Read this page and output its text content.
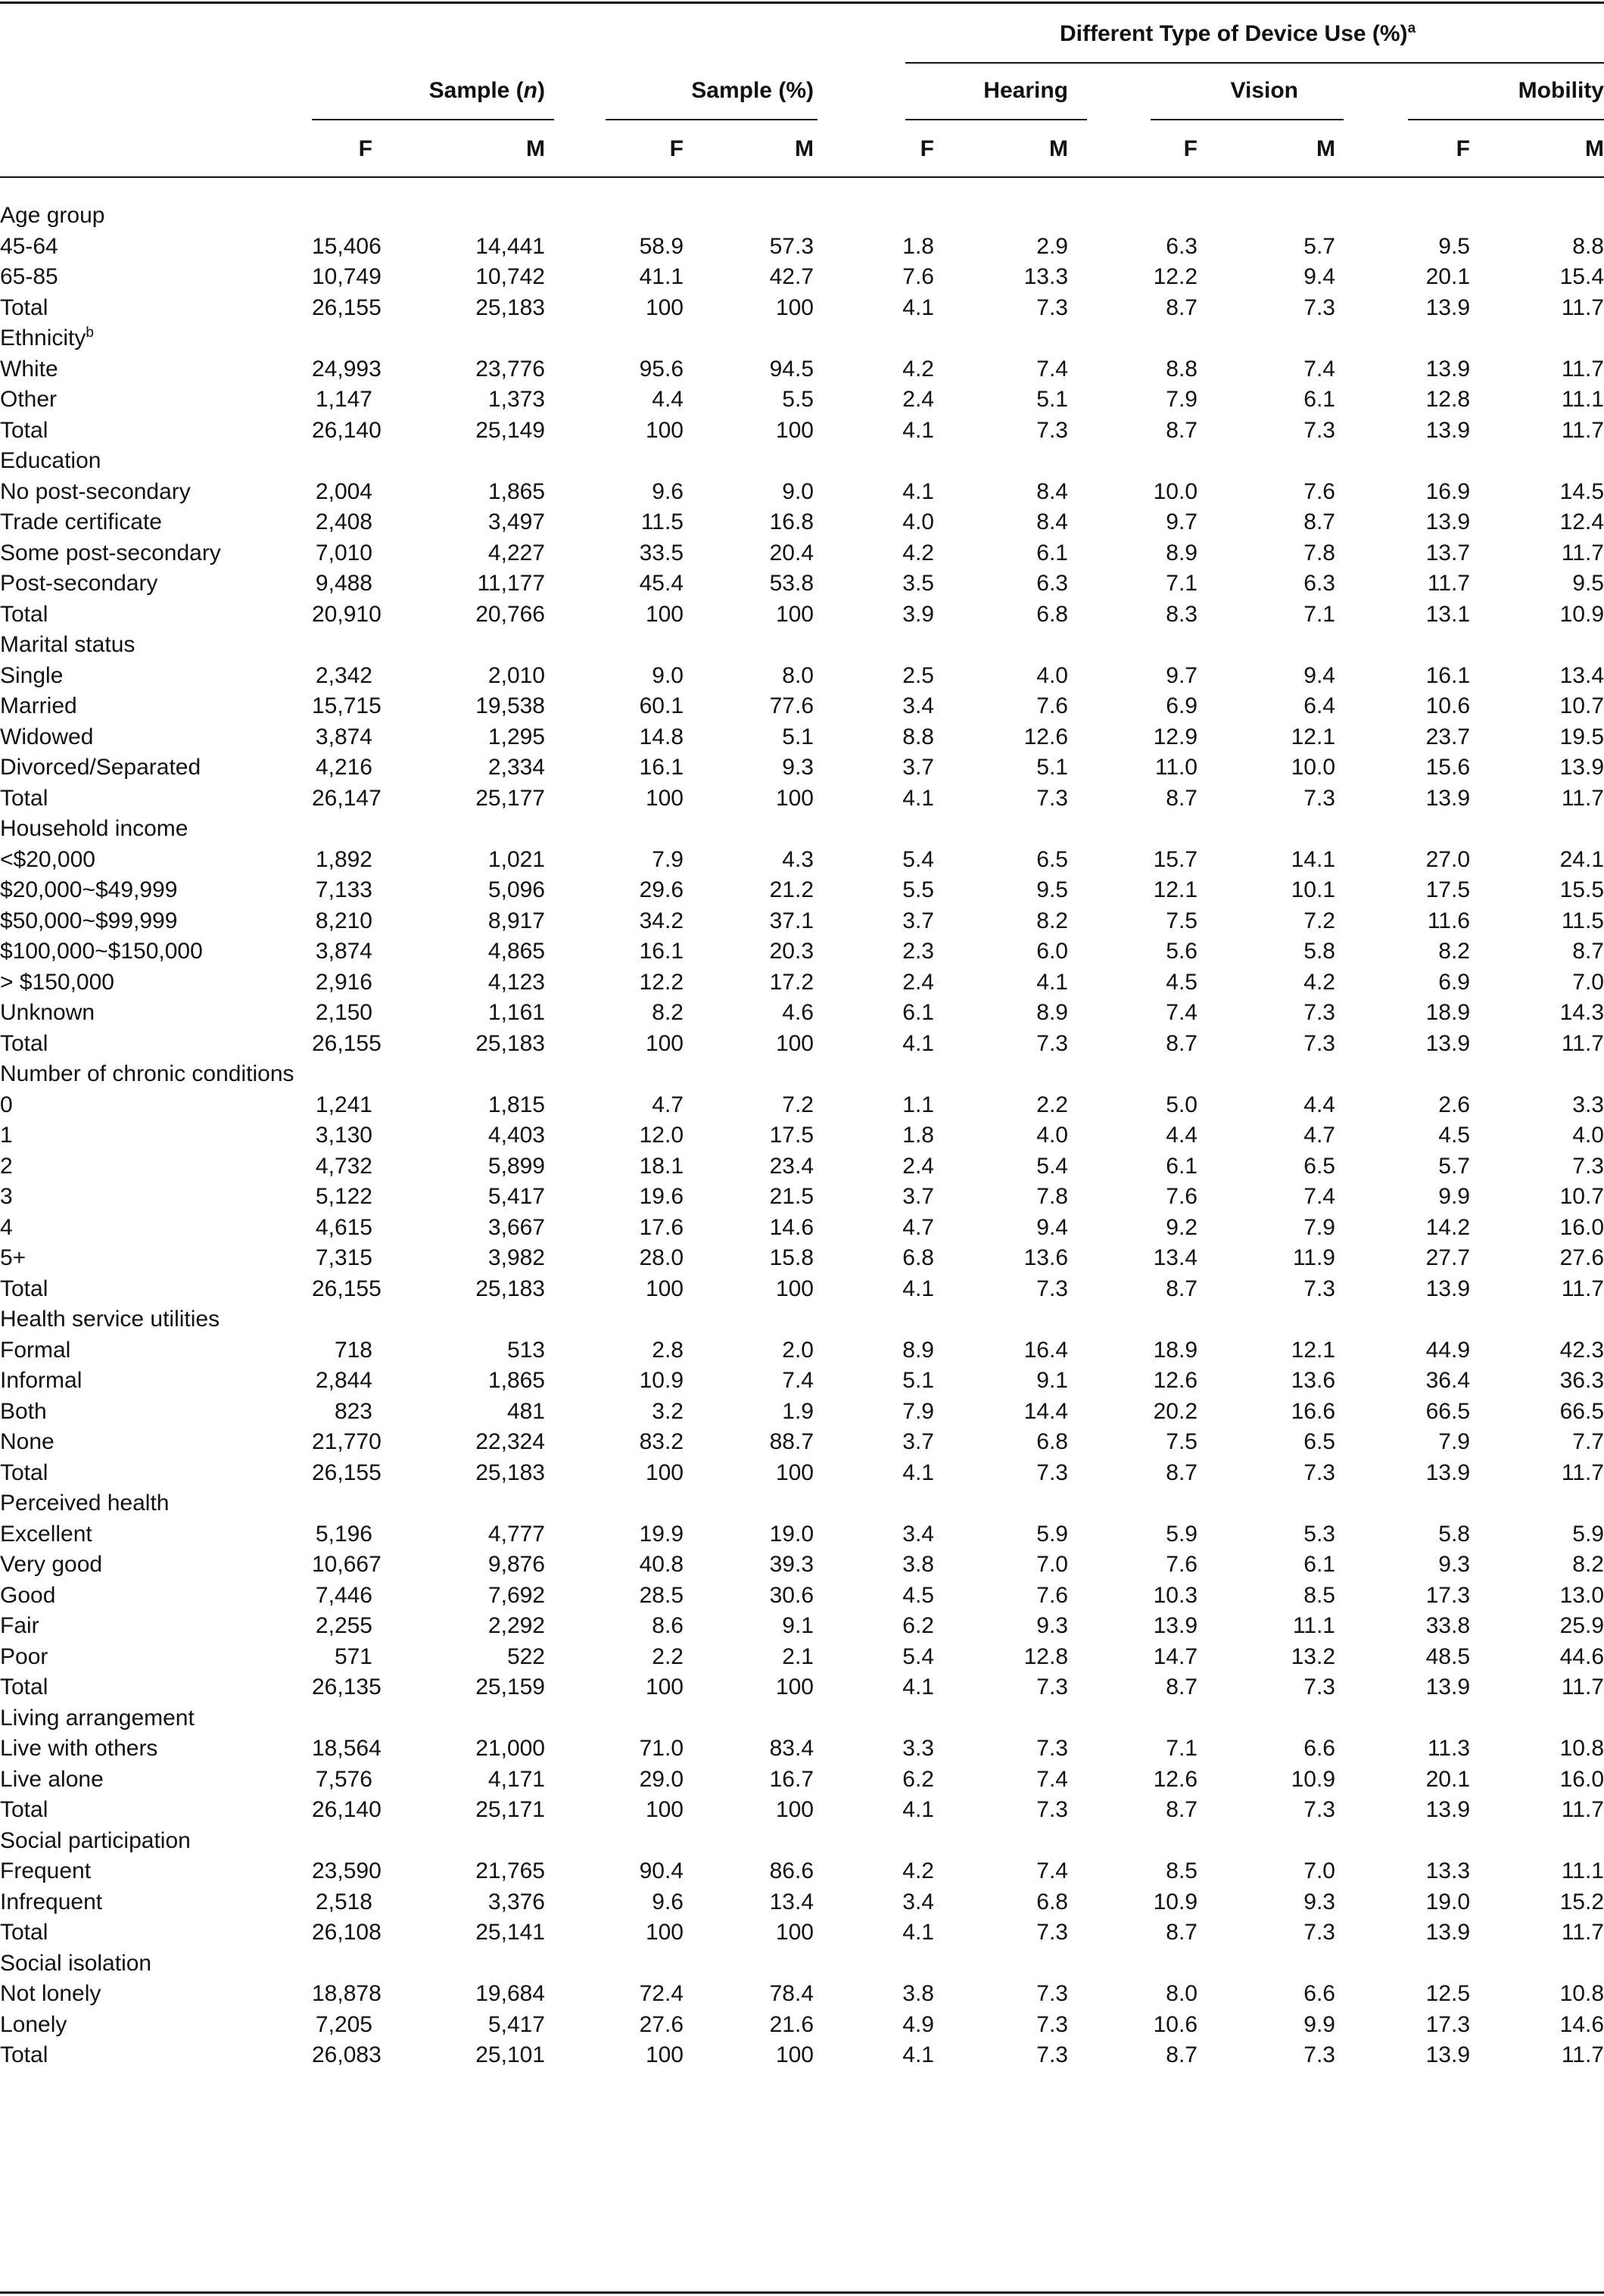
Different Type of Device Use (%)$^a$
Sample (n)	Sample (%)	Hearing	Vision	Mobility
F	M	F	M	F	M	F	M	F	M

Age group										
45-64	15,406	14,441	58.9	57.3	1.8	2.9	6.3	5.7	9.5	8.8
65-85	10,749	10,742	41.1	42.7	7.6	13.3	12.2	9.4	20.1	15.4
Total	26,155	25,183	100	100	4.1	7.3	8.7	7.3	13.9	11.7
Ethnicity$^b$
White	24,993	23,776	95.6	94.5	4.2	7.4	8.8	7.4	13.9	11.7
Other	1,147	1,373	4.4	5.5	2.4	5.1	7.9	6.1	12.8	11.1
Total	26,140	25,149	100	100	4.1	7.3	8.7	7.3	13.9	11.7
Education										
No post-secondary	2,004	1,865	9.6	9.0	4.1	8.4	10.0	7.6	16.9	14.5
Trade certificate	2,408	3,497	11.5	16.8	4.0	8.4	9.7	8.7	13.9	12.4
Some post-secondary	7,010	4,227	33.5	20.4	4.2	6.1	8.9	7.8	13.7	11.7
Post-secondary	9,488	11,177	45.4	53.8	3.5	6.3	7.1	6.3	11.7	9.5
Total	20,910	20,766	100	100	3.9	6.8	8.3	7.1	13.1	10.9
Marital status										
Single	2,342	2,010	9.0	8.0	2.5	4.0	9.7	9.4	16.1	13.4
Married	15,715	19,538	60.1	77.6	3.4	7.6	6.9	6.4	10.6	10.7
Widowed	3,874	1,295	14.8	5.1	8.8	12.6	12.9	12.1	23.7	19.5
Divorced/Separated	4,216	2,334	16.1	9.3	3.7	5.1	11.0	10.0	15.6	13.9
Total	26,147	25,177	100	100	4.1	7.3	8.7	7.3	13.9	11.7
Household income										
<$20,000	1,892	1,021	7.9	4.3	5.4	6.5	15.7	14.1	27.0	24.1
$20,000~$49,999	7,133	5,096	29.6	21.2	5.5	9.5	12.1	10.1	17.5	15.5
$50,000~$99,999	8,210	8,917	34.2	37.1	3.7	8.2	7.5	7.2	11.6	11.5
$100,000~$150,000	3,874	4,865	16.1	20.3	2.3	6.0	5.6	5.8	8.2	8.7
> $150,000	2,916	4,123	12.2	17.2	2.4	4.1	4.5	4.2	6.9	7.0
Unknown	2,150	1,161	8.2	4.6	6.1	8.9	7.4	7.3	18.9	14.3
Total	26,155	25,183	100	100	4.1	7.3	8.7	7.3	13.9	11.7
Number of chronic conditions										
0	1,241	1,815	4.7	7.2	1.1	2.2	5.0	4.4	2.6	3.3
1	3,130	4,403	12.0	17.5	1.8	4.0	4.4	4.7	4.5	4.0
2	4,732	5,899	18.1	23.4	2.4	5.4	6.1	6.5	5.7	7.3
3	5,122	5,417	19.6	21.5	3.7	7.8	7.6	7.4	9.9	10.7
4	4,615	3,667	17.6	14.6	4.7	9.4	9.2	7.9	14.2	16.0
5+	7,315	3,982	28.0	15.8	6.8	13.6	13.4	11.9	27.7	27.6
Total	26,155	25,183	100	100	4.1	7.3	8.7	7.3	13.9	11.7
Health service utilities										
Formal	718	513	2.8	2.0	8.9	16.4	18.9	12.1	44.9	42.3
Informal	2,844	1,865	10.9	7.4	5.1	9.1	12.6	13.6	36.4	36.3
Both	823	481	3.2	1.9	7.9	14.4	20.2	16.6	66.5	66.5
None	21,770	22,324	83.2	88.7	3.7	6.8	7.5	6.5	7.9	7.7
Total	26,155	25,183	100	100	4.1	7.3	8.7	7.3	13.9	11.7
Perceived health										
Excellent	5,196	4,777	19.9	19.0	3.4	5.9	5.9	5.3	5.8	5.9
Very good	10,667	9,876	40.8	39.3	3.8	7.0	7.6	6.1	9.3	8.2
Good	7,446	7,692	28.5	30.6	4.5	7.6	10.3	8.5	17.3	13.0
Fair	2,255	2,292	8.6	9.1	6.2	9.3	13.9	11.1	33.8	25.9
Poor	571	522	2.2	2.1	5.4	12.8	14.7	13.2	48.5	44.6
Total	26,135	25,159	100	100	4.1	7.3	8.7	7.3	13.9	11.7
Living arrangement										
Live with others	18,564	21,000	71.0	83.4	3.3	7.3	7.1	6.6	11.3	10.8
Live alone	7,576	4,171	29.0	16.7	6.2	7.4	12.6	10.9	20.1	16.0
Total	26,140	25,171	100	100	4.1	7.3	8.7	7.3	13.9	11.7
Social participation										
Frequent	23,590	21,765	90.4	86.6	4.2	7.4	8.5	7.0	13.3	11.1
Infrequent	2,518	3,376	9.6	13.4	3.4	6.8	10.9	9.3	19.0	15.2
Total	26,108	25,141	100	100	4.1	7.3	8.7	7.3	13.9	11.7
Social isolation										
Not lonely	18,878	19,684	72.4	78.4	3.8	7.3	8.0	6.6	12.5	10.8
Lonely	7,205	5,417	27.6	21.6	4.9	7.3	10.6	9.9	17.3	14.6
Total	26,083	25,101	100	100	4.1	7.3	8.7	7.3	13.9	11.7
